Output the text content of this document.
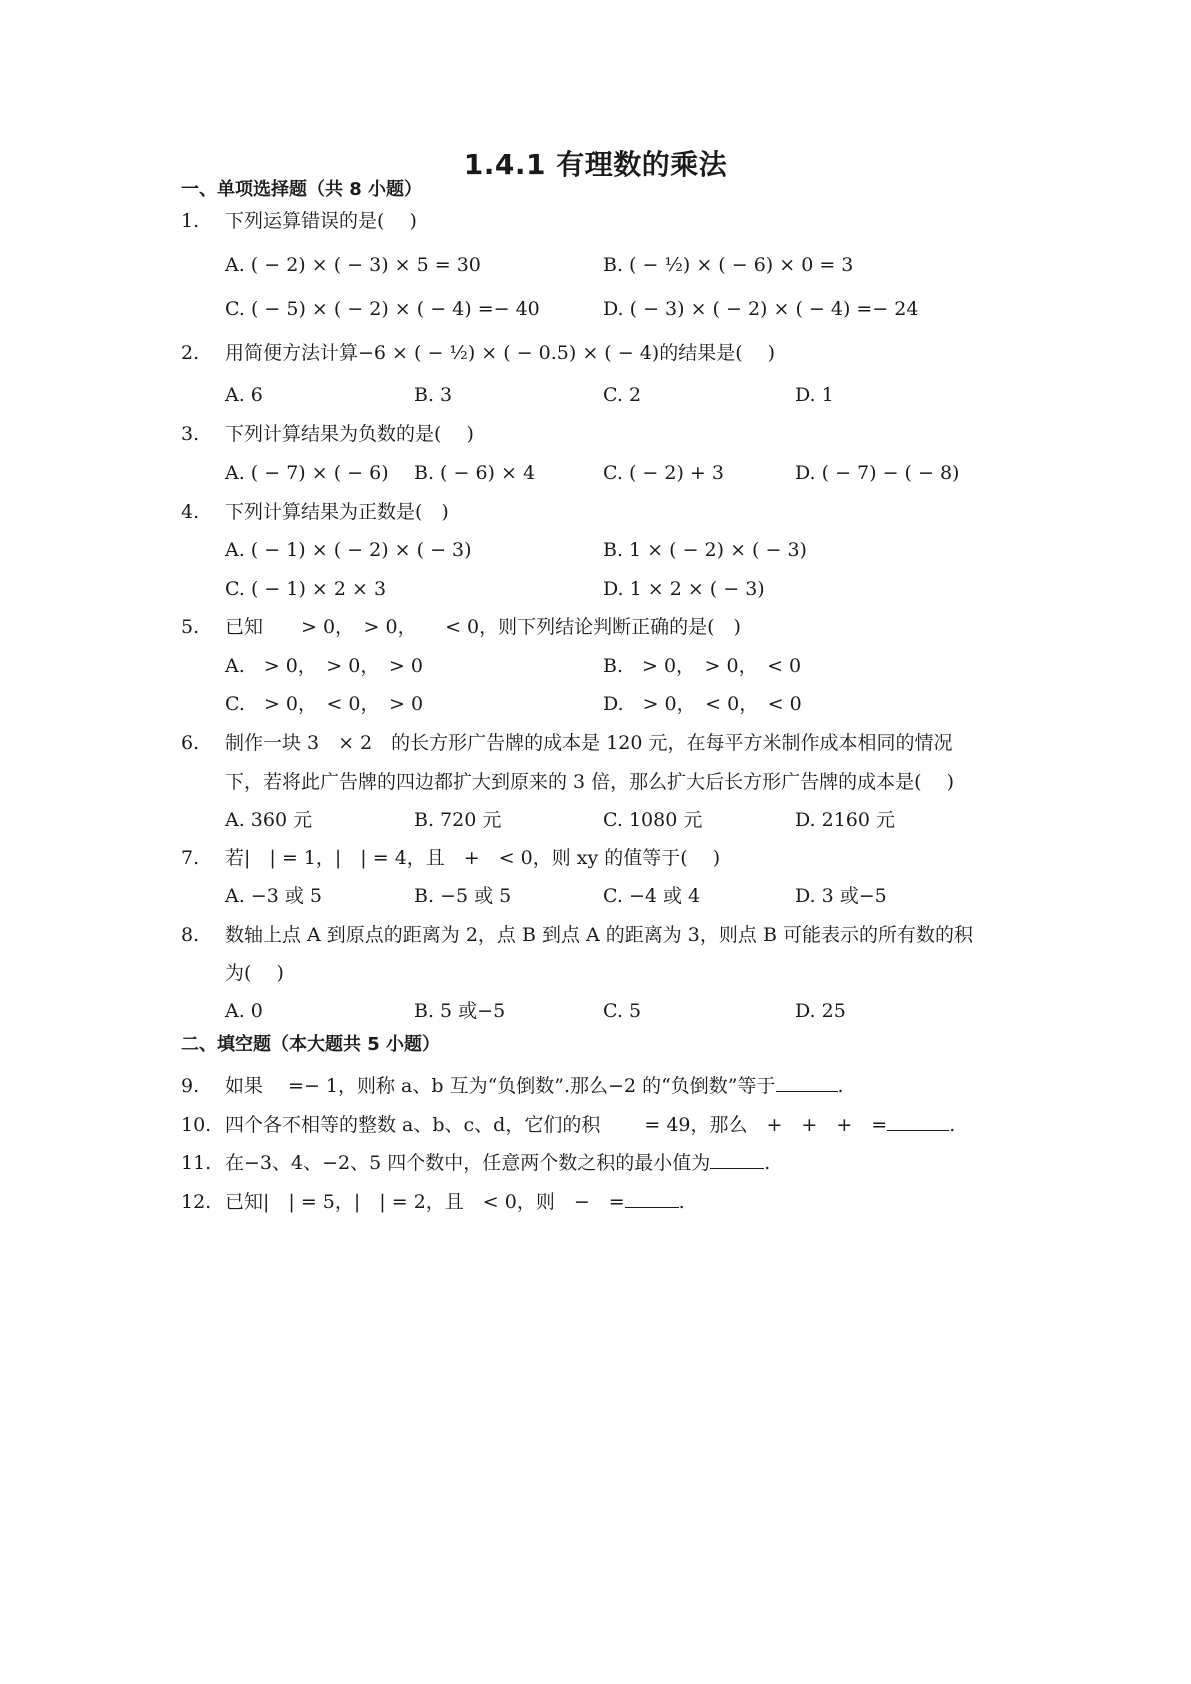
1.4.1 有理数的乘法
一、单项选择题（共 8 小题）
1.	下列运算错误的是(　 )
A. ( − 2) × ( − 3) × 5 = 30	B. ( − ½) × ( − 6) × 0 = 3
C. ( − 5) × ( − 2) × ( − 4) =− 40	D. ( − 3) × ( − 2) × ( − 4) =− 24
2.	用简便方法计算−6 × ( − ½) × ( − 0.5) × ( − 4)的结果是(　 )
A. 6	B. 3	C. 2	D. 1
3.	下列计算结果为负数的是(　 )
A. ( − 7) × ( − 6) B. ( − 6) × 4	C. ( − 2) + 3	D. ( − 7) − ( − 8)
4.	下列计算结果为正数是(　)
A. ( − 1) × ( − 2) × ( − 3)	B. 1 × ( − 2) × ( − 3)
C. ( − 1) × 2 × 3	D. 1 × 2 × ( − 3)
5.	已知　　> 0，　> 0，　　< 0，则下列结论判断正确的是(　)
A.　> 0，　> 0，　> 0	B.　> 0，　> 0，　< 0
C.　> 0，　< 0，　> 0	D.　> 0，　< 0，　< 0
6.	制作一块 3　× 2　的长方形广告牌的成本是 120 元，在每平方米制作成本相同的情况
下，若将此广告牌的四边都扩大到原来的 3 倍，那么扩大后长方形广告牌的成本是(　 )
A. 360 元	B. 720 元	C. 1080 元	D. 2160 元
7.	若|　| = 1，|　| = 4，且　+　< 0，则 xy 的值等于(　 )
A. −3 或 5	B. −5 或 5	C. −4 或 4	D. 3 或−5
8.	数轴上点 A 到原点的距离为 2，点 B 到点 A 的距离为 3，则点 B 可能表示的所有数的积
为(　 )
A. 0	B. 5 或−5	C. 5	D. 25
二、填空题（本大题共 5 小题）
9.	如果　 =− 1，则称 a、b 互为“负倒数”.那么−2 的“负倒数”等于	.
10. 四个各不相等的整数 a、b、c、d，它们的积　　 = 49，那么　+　+　+　=	.
11. 在−3、4、−2、5 四个数中，任意两个数之积的最小值为	.
12. 已知|　| = 5，|　| = 2，且　< 0，则　−　=	.
